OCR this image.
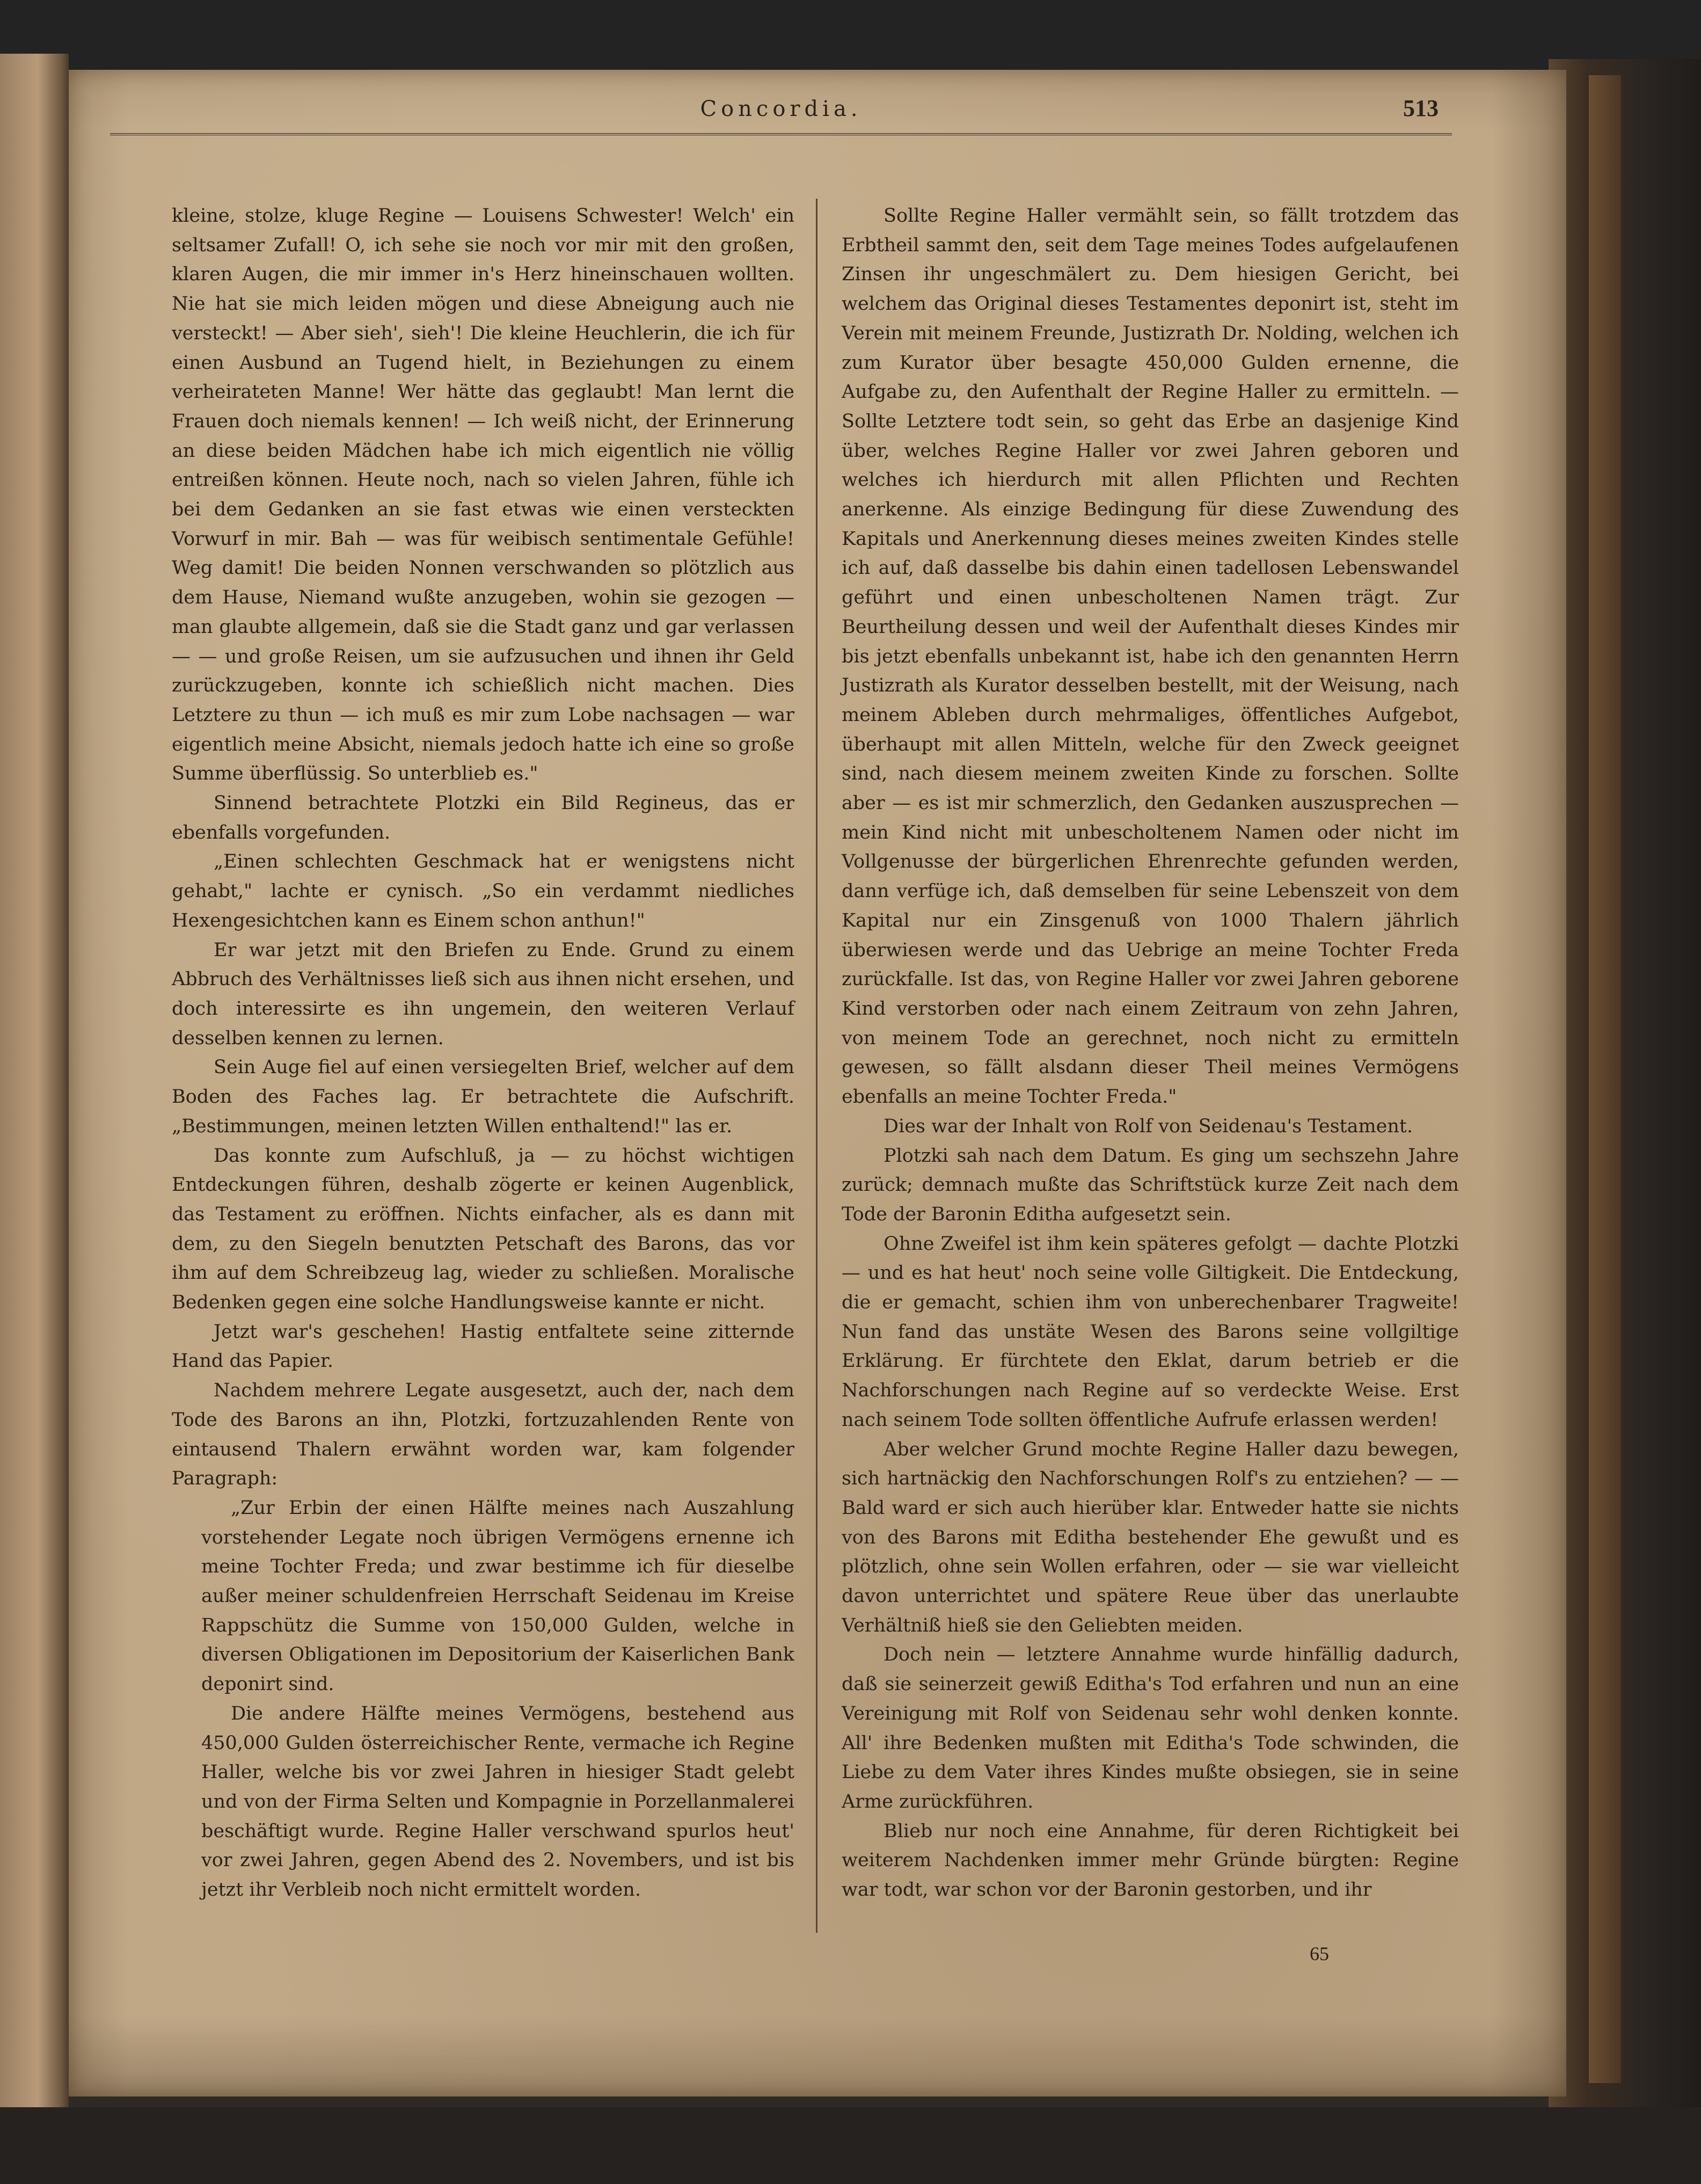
Concordia.	513

kleine, stolze, kluge Regine — Louisens Schwester! Welch' ein seltsamer Zufall! O, ich sehe sie noch vor mir mit den großen, klaren Augen, die mir immer in's Herz hineinschauen wollten. Nie hat sie mich leiden mögen und diese Abneigung auch nie versteckt! — Aber sieh', sieh'! Die kleine Heuchlerin, die ich für einen Ausbund an Tugend hielt, in Beziehungen zu einem verheirateten Manne! Wer hätte das geglaubt! Man lernt die Frauen doch niemals kennen! — Ich weiß nicht, der Erinnerung an diese beiden Mädchen habe ich mich eigentlich nie völlig entreißen können. Heute noch, nach so vielen Jahren, fühle ich bei dem Gedanken an sie fast etwas wie einen versteckten Vorwurf in mir. Bah — was für weibisch sentimentale Gefühle! Weg damit! Die beiden Nonnen verschwanden so plötzlich aus dem Hause, Niemand wußte anzugeben, wohin sie gezogen — man glaubte allgemein, daß sie die Stadt ganz und gar verlassen — — und große Reisen, um sie aufzusuchen und ihnen ihr Geld zurückzugeben, konnte ich schießlich nicht machen. Dies Letztere zu thun — ich muß es mir zum Lobe nachsagen — war eigentlich meine Absicht, niemals jedoch hatte ich eine so große Summe überflüssig. So unterblieb es."

Sinnend betrachtete Plotzki ein Bild Regineus, das er ebenfalls vorgefunden.

„Einen schlechten Geschmack hat er wenigstens nicht gehabt," lachte er cynisch. „So ein verdammt niedliches Hexengesichtchen kann es Einem schon anthun!"

Er war jetzt mit den Briefen zu Ende. Grund zu einem Abbruch des Verhältnisses ließ sich aus ihnen nicht ersehen, und doch interessirte es ihn ungemein, den weiteren Verlauf desselben kennen zu lernen.

Sein Auge fiel auf einen versiegelten Brief, welcher auf dem Boden des Faches lag. Er betrachtete die Aufschrift. „Bestimmungen, meinen letzten Willen enthaltend!" las er.

Das konnte zum Aufschluß, ja — zu höchst wichtigen Entdeckungen führen, deshalb zögerte er keinen Augenblick, das Testament zu eröffnen. Nichts einfacher, als es dann mit dem, zu den Siegeln benutzten Petschaft des Barons, das vor ihm auf dem Schreibzeug lag, wieder zu schließen. Moralische Bedenken gegen eine solche Handlungsweise kannte er nicht.

Jetzt war's geschehen! Hastig entfaltete seine zitternde Hand das Papier.

Nachdem mehrere Legate ausgesetzt, auch der, nach dem Tode des Barons an ihn, Plotzki, fortzuzahlenden Rente von eintausend Thalern erwähnt worden war, kam folgender Paragraph:

„Zur Erbin der einen Hälfte meines nach Auszahlung vorstehender Legate noch übrigen Vermögens ernenne ich meine Tochter Freda; und zwar bestimme ich für dieselbe außer meiner schuldenfreien Herrschaft Seidenau im Kreise Rappschütz die Summe von 150,000 Gulden, welche in diversen Obligationen im Depositorium der Kaiserlichen Bank deponirt sind.

Die andere Hälfte meines Vermögens, bestehend aus 450,000 Gulden österreichischer Rente, vermache ich Regine Haller, welche bis vor zwei Jahren in hiesiger Stadt gelebt und von der Firma Selten und Kompagnie in Porzellanmalerei beschäftigt wurde. Regine Haller verschwand spurlos heut' vor zwei Jahren, gegen Abend des 2. Novembers, und ist bis jetzt ihr Verbleib noch nicht ermittelt worden.

Sollte Regine Haller vermählt sein, so fällt trotzdem das Erbtheil sammt den, seit dem Tage meines Todes aufgelaufenen Zinsen ihr ungeschmälert zu. Dem hiesigen Gericht, bei welchem das Original dieses Testamentes deponirt ist, steht im Verein mit meinem Freunde, Justizrath Dr. Nolding, welchen ich zum Kurator über besagte 450,000 Gulden ernenne, die Aufgabe zu, den Aufenthalt der Regine Haller zu ermitteln. — Sollte Letztere todt sein, so geht das Erbe an dasjenige Kind über, welches Regine Haller vor zwei Jahren geboren und welches ich hierdurch mit allen Pflichten und Rechten anerkenne. Als einzige Bedingung für diese Zuwendung des Kapitals und Anerkennung dieses meines zweiten Kindes stelle ich auf, daß dasselbe bis dahin einen tadellosen Lebenswandel geführt und einen unbescholtenen Namen trägt. Zur Beurtheilung dessen und weil der Aufenthalt dieses Kindes mir bis jetzt ebenfalls unbekannt ist, habe ich den genannten Herrn Justizrath als Kurator desselben bestellt, mit der Weisung, nach meinem Ableben durch mehrmaliges, öffentliches Aufgebot, überhaupt mit allen Mitteln, welche für den Zweck geeignet sind, nach diesem meinem zweiten Kinde zu forschen. Sollte aber — es ist mir schmerzlich, den Gedanken auszusprechen — mein Kind nicht mit unbescholtenem Namen oder nicht im Vollgenusse der bürgerlichen Ehrenrechte gefunden werden, dann verfüge ich, daß demselben für seine Lebenszeit von dem Kapital nur ein Zinsgenuß von 1000 Thalern jährlich überwiesen werde und das Uebrige an meine Tochter Freda zurückfalle. Ist das, von Regine Haller vor zwei Jahren geborene Kind verstorben oder nach einem Zeitraum von zehn Jahren, von meinem Tode an gerechnet, noch nicht zu ermitteln gewesen, so fällt alsdann dieser Theil meines Vermögens ebenfalls an meine Tochter Freda."

Dies war der Inhalt von Rolf von Seidenau's Testament.

Plotzki sah nach dem Datum. Es ging um sechszehn Jahre zurück; demnach mußte das Schriftstück kurze Zeit nach dem Tode der Baronin Editha aufgesetzt sein.

Ohne Zweifel ist ihm kein späteres gefolgt — dachte Plotzki — und es hat heut' noch seine volle Giltigkeit. Die Entdeckung, die er gemacht, schien ihm von unberechenbarer Tragweite! Nun fand das unstäte Wesen des Barons seine vollgiltige Erklärung. Er fürchtete den Eklat, darum betrieb er die Nachforschungen nach Regine auf so verdeckte Weise. Erst nach seinem Tode sollten öffentliche Aufrufe erlassen werden!

Aber welcher Grund mochte Regine Haller dazu bewegen, sich hartnäckig den Nachforschungen Rolf's zu entziehen? — — Bald ward er sich auch hierüber klar. Entweder hatte sie nichts von des Barons mit Editha bestehender Ehe gewußt und es plötzlich, ohne sein Wollen erfahren, oder — sie war vielleicht davon unterrichtet und spätere Reue über das unerlaubte Verhältniß hieß sie den Geliebten meiden.

Doch nein — letztere Annahme wurde hinfällig dadurch, daß sie seinerzeit gewiß Editha's Tod erfahren und nun an eine Vereinigung mit Rolf von Seidenau sehr wohl denken konnte. All' ihre Bedenken mußten mit Editha's Tode schwinden, die Liebe zu dem Vater ihres Kindes mußte obsiegen, sie in seine Arme zurückführen.

Blieb nur noch eine Annahme, für deren Richtigkeit bei weiterem Nachdenken immer mehr Gründe bürgten: Regine war todt, war schon vor der Baronin gestorben, und ihr

65
